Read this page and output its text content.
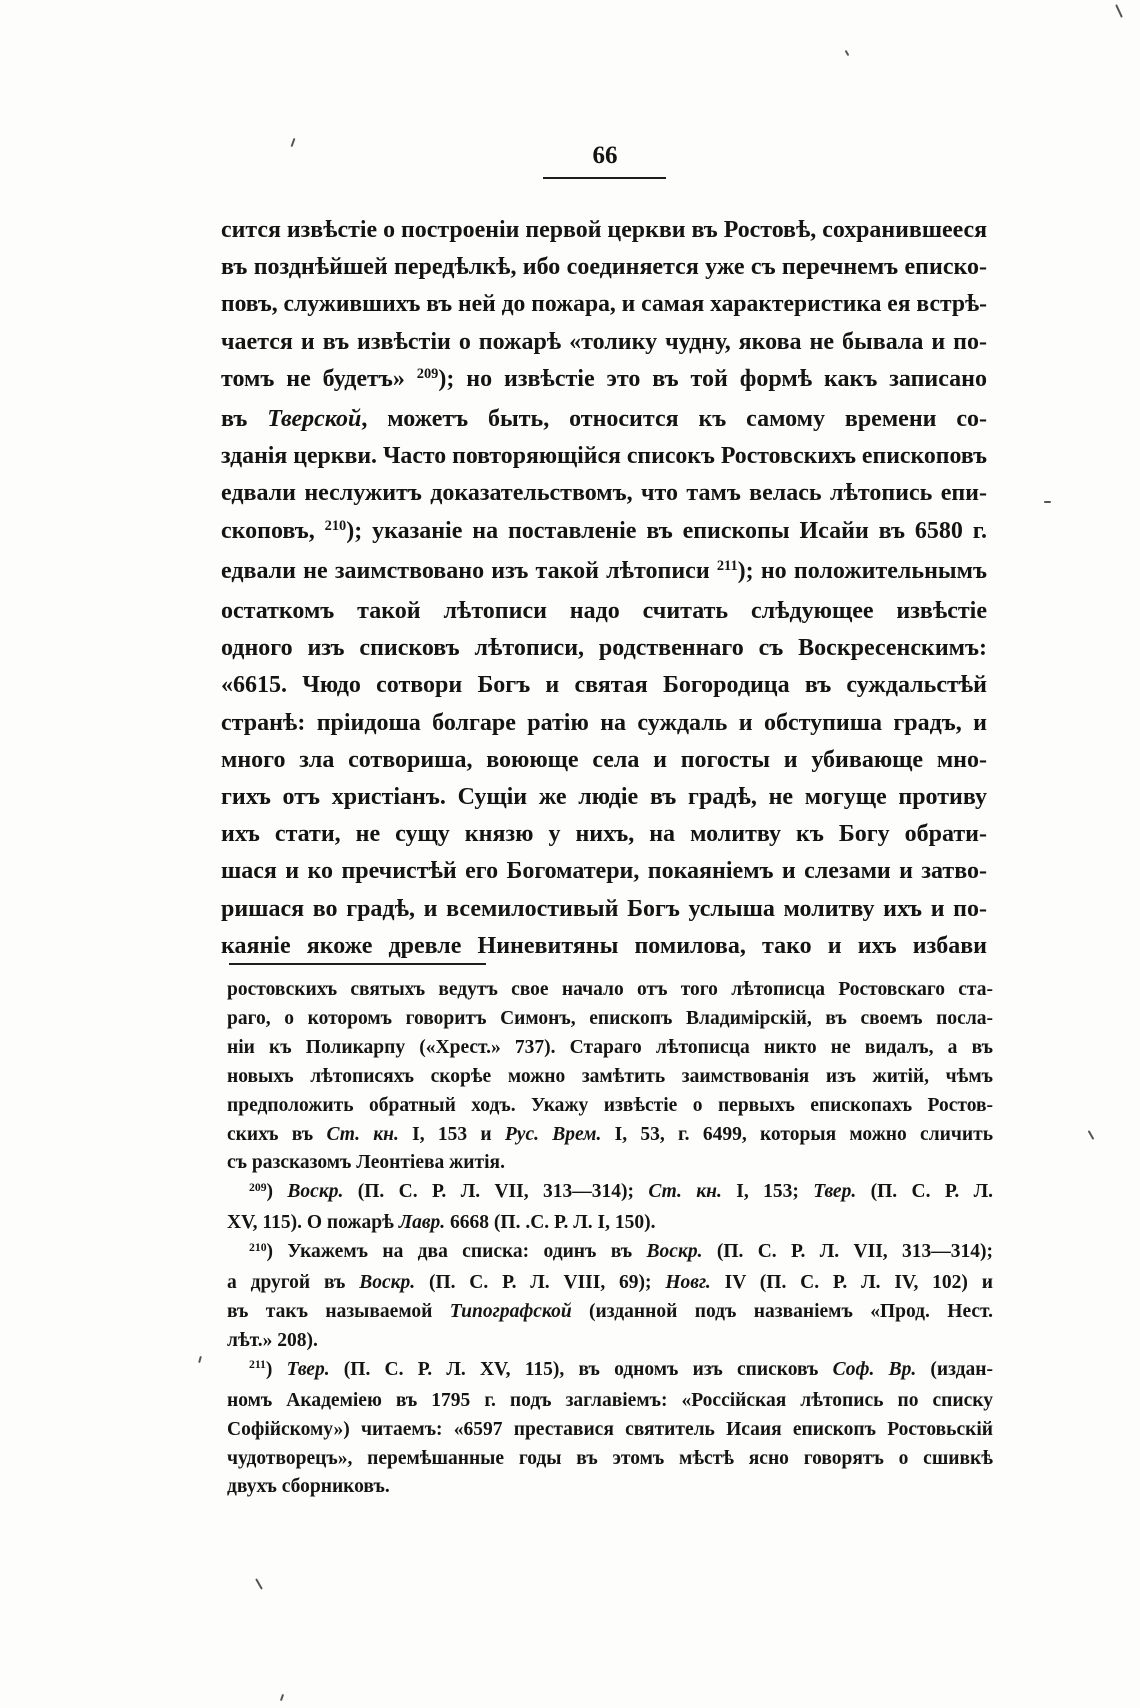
66
сится извѣстіе о построеніи первой церкви въ Ростовѣ, сохранившееся
въ позднѣйшей передѣлкѣ, ибо соединяется уже съ перечнемъ еписко-
повъ, служившихъ въ ней до пожара, и самая характеристика ея встрѣ-
чается и въ извѣстіи о пожарѣ «толику чудну, якова не бывала и по-
томъ не будетъ» $^{209}$); но извѣстіе это въ той формѣ какъ записано
въ Тверской, можетъ быть, относится къ самому времени со-
зданія церкви. Часто повторяющійся списокъ Ростовскихъ епископовъ
едвали неслужитъ доказательствомъ, что тамъ велась лѣтопись епи-
скоповъ, $^{210}$); указаніе на поставленіе въ епископы Исайи въ 6580 г.
едвали не заимствовано изъ такой лѣтописи $^{211}$); но положительнымъ
остаткомъ такой лѣтописи надо считать слѣдующее извѣстіе
одного изъ списковъ лѣтописи, родственнаго съ Воскресенскимъ:
«6615. Чюдо сотвори Богъ и святая Богородица въ суждальстѣй
странѣ: пріидоша болгаре ратію на суждаль и обступиша градъ, и
много зла сотвориша, воююще села и погосты и убивающе мно-
гихъ отъ христіанъ. Сущіи же людіе въ градѣ, не могуще противу
ихъ стати, не сущу князю у нихъ, на молитву къ Богу обрати-
шася и ко пречистѣй его Богоматери, покаяніемъ и слезами и затво-
ришася во градѣ, и всемилостивый Богъ услыша молитву ихъ и по-
каяніе якоже древле Ниневитяны помилова, тако и ихъ избави
ростовскихъ святыхъ ведутъ свое начало отъ того лѣтописца Ростовскаго ста-
раго, о которомъ говоритъ Симонъ, епископъ Владимірскій, въ своемъ посла-
ніи къ Поликарпу («Хрест.» 737). Стараго лѣтописца никто не видалъ, а въ
новыхъ лѣтописяхъ скорѣе можно замѣтить заимствованія изъ житій, чѣмъ
предположить обратный ходъ. Укажу извѣстіе о первыхъ епископахъ Ростов-
скихъ въ Ст. кн. I, 153 и Рус. Врем. I, 53, г. 6499, которыя можно сличить
съ разсказомъ Леонтіева житія.
$^{209}$) Воскр. (П. С. Р. Л. VII, 313—314); Ст. кн. I, 153; Твер. (П. С. Р. Л.
XV, 115). О пожарѣ Лавр. 6668 (П. .С. Р. Л. I, 150).
$^{210}$) Укажемъ на два списка: одинъ въ Воскр. (П. С. Р. Л. VII, 313—314);
а другой въ Воскр. (П. С. Р. Л. VIII, 69); Новг. IV (П. С. Р. Л. IV, 102) и
въ такъ называемой Типографской (изданной подъ названіемъ «Прод. Нест.
лѣт.» 208).
$^{211}$) Твер. (П. С. Р. Л. XV, 115), въ одномъ изъ списковъ Соф. Вр. (издан-
номъ Академіею въ 1795 г. подъ заглавіемъ: «Россійская лѣтопись по списку
Софійскому») читаемъ: «6597 преставися святитель Исаия епископъ Ростовьскій
чудотворецъ», перемѣшанные годы въ этомъ мѣстѣ ясно говорятъ о сшивкѣ
двухъ сборниковъ.
